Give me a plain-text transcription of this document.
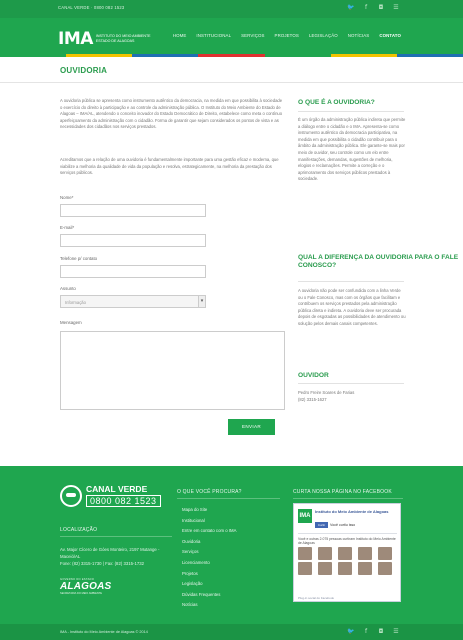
CANAL VERDE · 0800 082 1523	🐦	f	◘ ☰
IMA INSTITUTO DO MEIO AMBIENTE
ESTADO DE ALAGOAS
HOME INSTITUCIONAL SERVIÇOS PROJETOS LEGISLAÇÃO NOTÍCIAS CONTATO
OUVIDORIA

A ouvidoria pública se apresenta como instrumento autêntico da democracia, na medida em que possibilita à sociedade o exercício do direito à participação e ao controle da administração pública. O Instituto do Meio Ambiente do Estado de Alagoas – IMA/AL, atendendo o conceito inovador do Estado Democrático de Direito, estabelece como meta o contínuo aperfeiçoamento da administração com o cidadão. Forma de garantir que sejam considerados os pontos de vista e as necessidades dos cidadãos nos serviços prestados.

Acreditamos que a relação de uma ouvidoria é fundamentalmente importante para uma gestão eficaz e moderna, que viabilize a melhoria da qualidade de vida da população e resolva, estrategicamente, na melhoria da prestação dos serviços públicos.

Nome*
E-mail*
Telefone p/ contato
Assunto
Informação	▾
Mensagem
ENVIAR
O QUE É A OUVIDORIA?

É um órgão da administração pública indireta que permite a diálogo entre o cidadão e o IMA. Apresenta-se como instrumento autêntico da democracia participativa, na medida em que possibilita o cidadão contribuir para o âmbito da administração pública. Ele garante-se mais por meio de ouvidor, seu controle como um elo entre manifestações, demandas, sugestões de melhoria, elogios e reclamações. Permite a correção e o aprimoramento dos serviços públicos prestados à sociedade.

QUAL A DIFERENÇA DA OUVIDORIA PARA O FALE CONOSCO?

A ouvidoria não pode ser confundida com a linha Verde ou o Fale Conosco, mas com os órgãos que facilitam e contribuem os serviços prestados pela administração pública direta e indireta. A ouvidoria deve ser procurada depois de esgotadas as possibilidades de atendimento ou solução pelos demais canais competentes.

OUVIDOR

Pedro Freire Soares de Farias
(82) 3315-1627

CANAL VERDE
0800 082 1523
LOCALIZAÇÃO

Av. Major Cícero de Góes Monteiro, 2197 Mutange - Maceió/AL
Fone: (82) 3315-1730 | Fax: (82) 3315-1732

GOVERNO DO ESTADO
ALAGOAS
SECRETARIA DO MEIO AMBIENTE
O QUE VOCÊ PROCURA?
Mapa do Site
Institucional
Entre em contato com o IMA
Ouvidoria
Serviços
Licenciamento
Projetos
Legislação
Dúvidas Frequentes
Notícias
CURTA NOSSA PÁGINA NO FACEBOOK
IMA
Instituto do Meio Ambiente de Alagoas
Curtir	Você curtiu isso
Você e outras 2.075 pessoas curtiram Instituto do Meio Ambiente de Alagoas
Plug-in social do Facebook
IMA - Instituto do Meio Ambiente de Alagoas © 2014	🐦	f	◘ ☰
